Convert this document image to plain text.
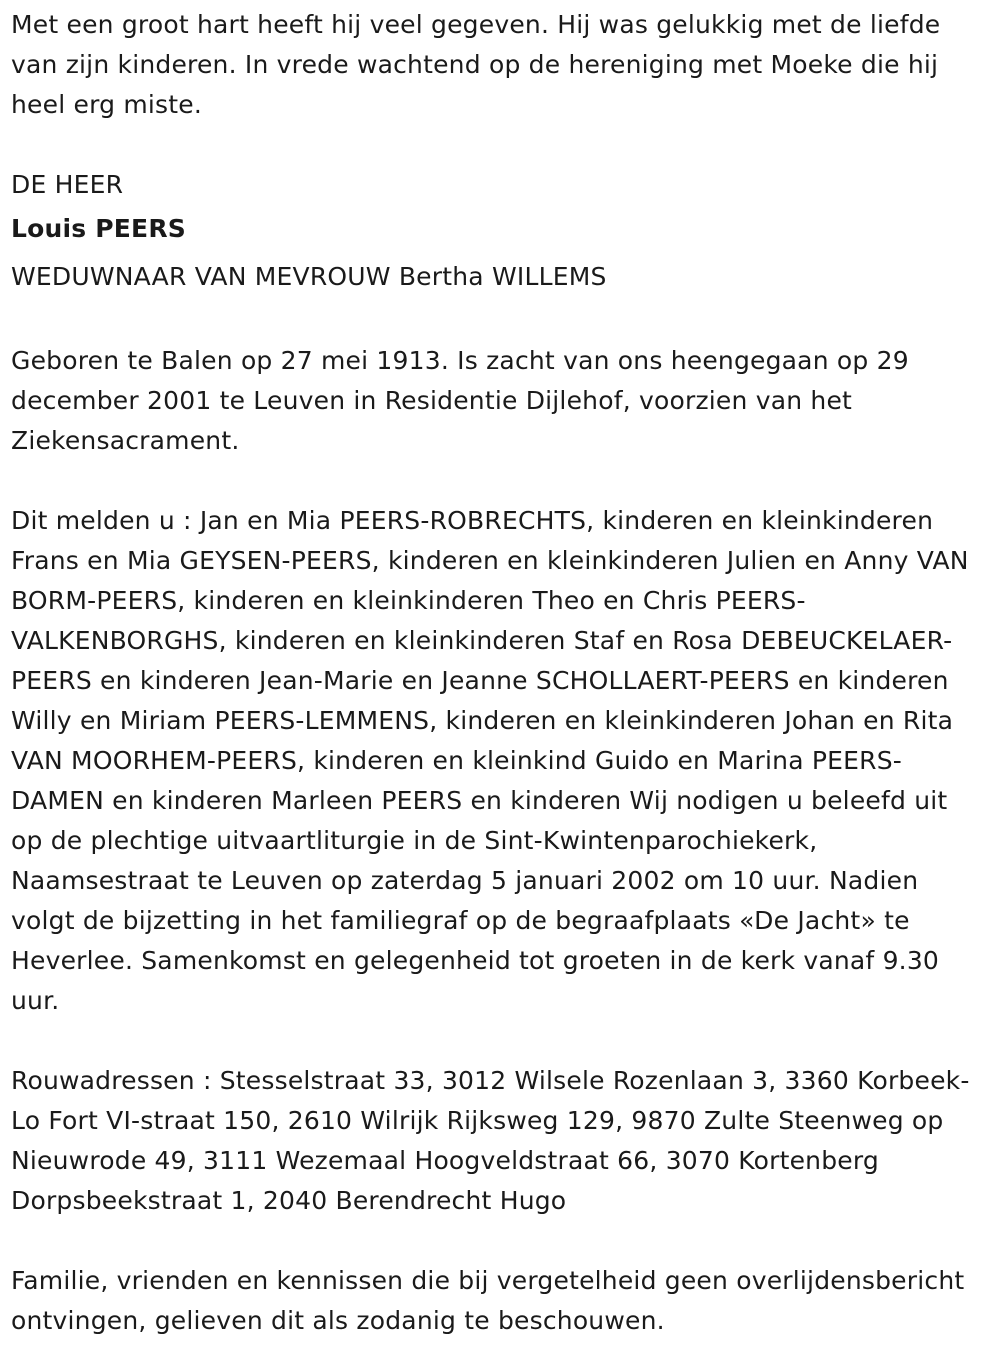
Met een groot hart heeft hij veel gegeven. Hij was gelukkig met de liefde van zijn kinderen. In vrede wachtend op de hereniging met Moeke die hij heel erg miste.

DE HEER

Louis PEERS

WEDUWNAAR VAN MEVROUW Bertha WILLEMS

Geboren te Balen op 27 mei 1913. Is zacht van ons heengegaan op 29 december 2001 te Leuven in Residentie Dijlehof, voorzien van het Ziekensacrament.

Dit melden u : Jan en Mia PEERS-ROBRECHTS, kinderen en kleinkinderen Frans en Mia GEYSEN-PEERS, kinderen en kleinkinderen Julien en Anny VAN BORM-PEERS, kinderen en kleinkinderen Theo en Chris PEERS-VALKENBORGHS, kinderen en kleinkinderen Staf en Rosa DEBEUCKELAER-PEERS en kinderen Jean-Marie en Jeanne SCHOLLAERT-PEERS en kinderen Willy en Miriam PEERS-LEMMENS, kinderen en kleinkinderen Johan en Rita VAN MOORHEM-PEERS, kinderen en kleinkind Guido en Marina PEERS-DAMEN en kinderen Marleen PEERS en kinderen Wij nodigen u beleefd uit op de plechtige uitvaartliturgie in de Sint-Kwintenparochiekerk, Naamsestraat te Leuven op zaterdag 5 januari 2002 om 10 uur. Nadien volgt de bijzetting in het familiegraf op de begraafplaats «De Jacht» te Heverlee. Samenkomst en gelegenheid tot groeten in de kerk vanaf 9.30 uur.

Rouwadressen : Stesselstraat 33, 3012 Wilsele Rozenlaan 3, 3360 Korbeek-Lo Fort VI-straat 150, 2610 Wilrijk Rijksweg 129, 9870 Zulte Steenweg op Nieuwrode 49, 3111 Wezemaal Hoogveldstraat 66, 3070 Kortenberg Dorpsbeekstraat 1, 2040 Berendrecht Hugo

Familie, vrienden en kennissen die bij vergetelheid geen overlijdensbericht ontvingen, gelieven dit als zodanig te beschouwen.
